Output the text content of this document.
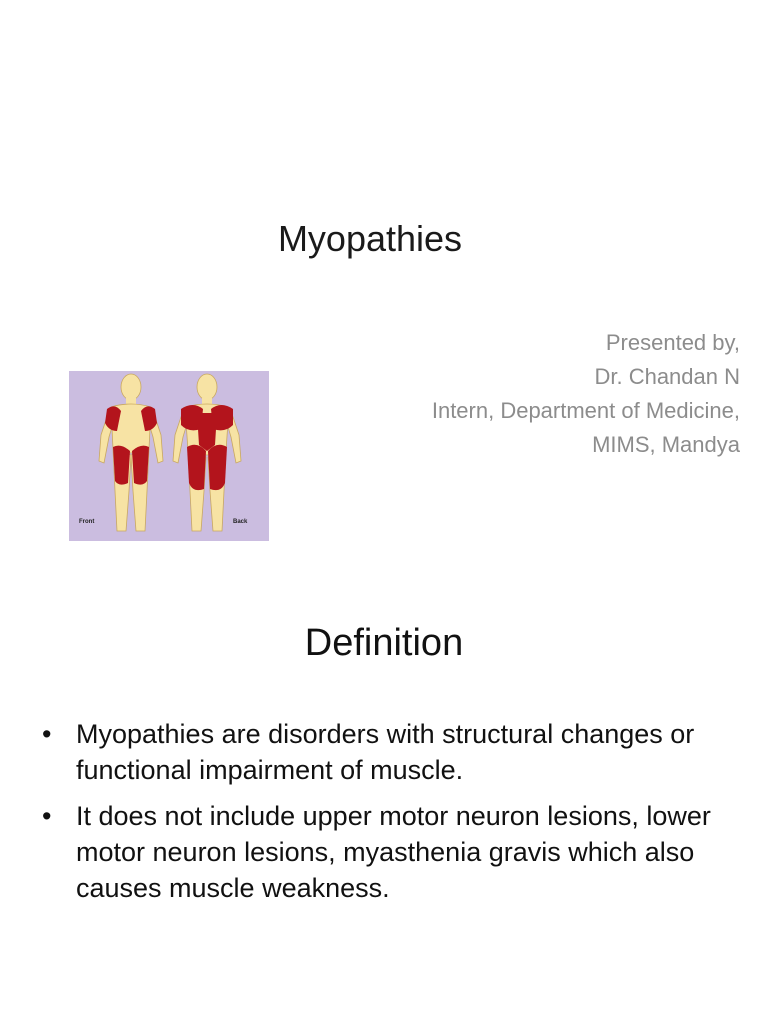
Myopathies
Front	Back
Presented by,
Dr. Chandan N
Intern, Department of Medicine,
MIMS, Mandya
Definition
• Myopathies are disorders with structural changes or functional impairment of muscle.
• It does not include upper motor neuron lesions, lower motor neuron lesions, myasthenia gravis which also causes muscle weakness.
